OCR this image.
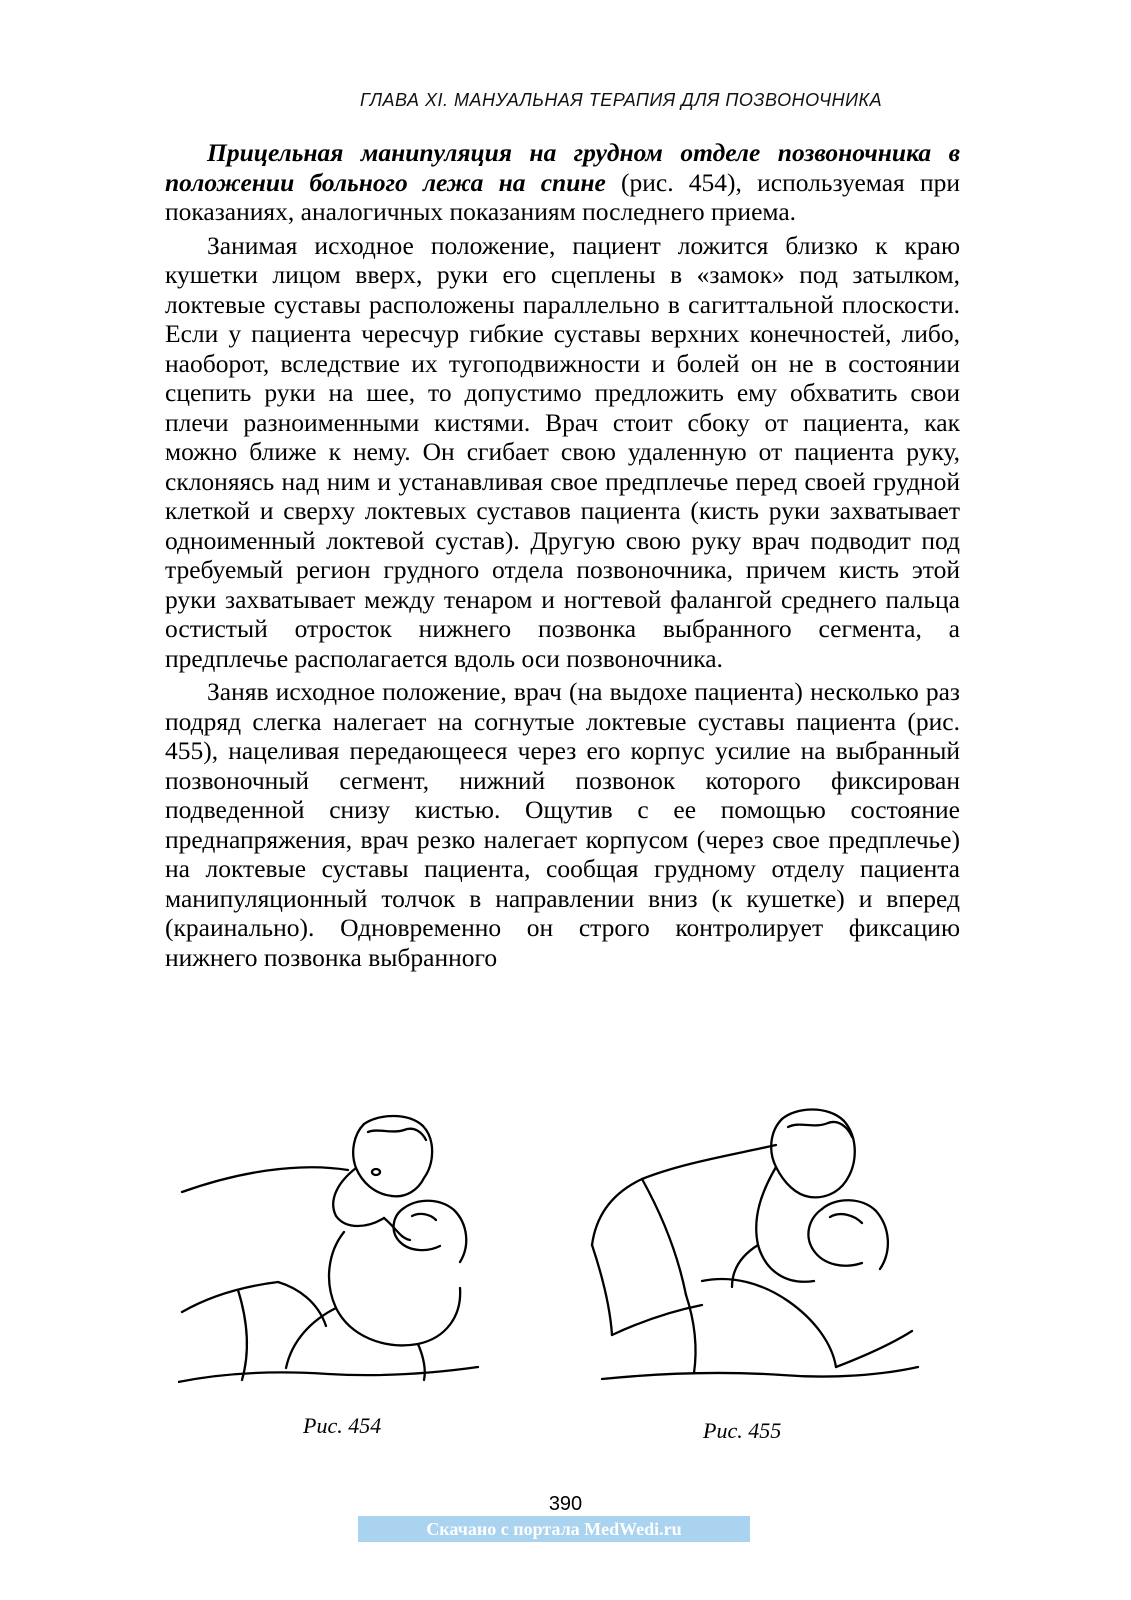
ГЛАВА XI. МАНУАЛЬНАЯ ТЕРАПИЯ ДЛЯ ПОЗВОНОЧНИКА

Прицельная манипуляция на грудном отделе позвоночника в положении больного лежа на спине (рис. 454), используемая при показаниях, аналогичных показаниям последнего приема.

Занимая исходное положение, пациент ложится близко к краю кушетки лицом вверх, руки его сцеплены в «замок» под затылком, локтевые суставы расположены параллельно в сагиттальной плоскости. Если у пациента чересчур гибкие суставы верхних конечностей, либо, наоборот, вследствие их тугоподвижности и болей он не в состоянии сцепить руки на шее, то допустимо предложить ему обхватить свои плечи разноименными кистями. Врач стоит сбоку от пациента, как можно ближе к нему. Он сгибает свою удаленную от пациента руку, склоняясь над ним и устанавливая свое предплечье перед своей грудной клеткой и сверху локтевых суставов пациента (кисть руки захватывает одноименный локтевой сустав). Другую свою руку врач подводит под требуемый регион грудного отдела позвоночника, причем кисть этой руки захватывает между тенаром и ногтевой фалангой среднего пальца остистый отросток нижнего позвонка выбранного сегмента, а предплечье располагается вдоль оси позвоночника.

Заняв исходное положение, врач (на выдохе пациента) несколько раз подряд слегка налегает на согнутые локтевые суставы пациента (рис. 455), нацеливая передающееся через его корпус усилие на выбранный позвоночный сегмент, нижний позвонок которого фиксирован подведенной снизу кистью. Ощутив с ее помощью состояние преднапряжения, врач резко налегает корпусом (через свое предплечье) на локтевые суставы пациента, сообщая грудному отделу пациента манипуляционный толчок в направлении вниз (к кушетке) и вперед (краинально). Одновременно он строго контролирует фиксацию нижнего позвонка выбранного

Рис. 454	Рис. 455
390
Скачано с портала MedWedi.ru
